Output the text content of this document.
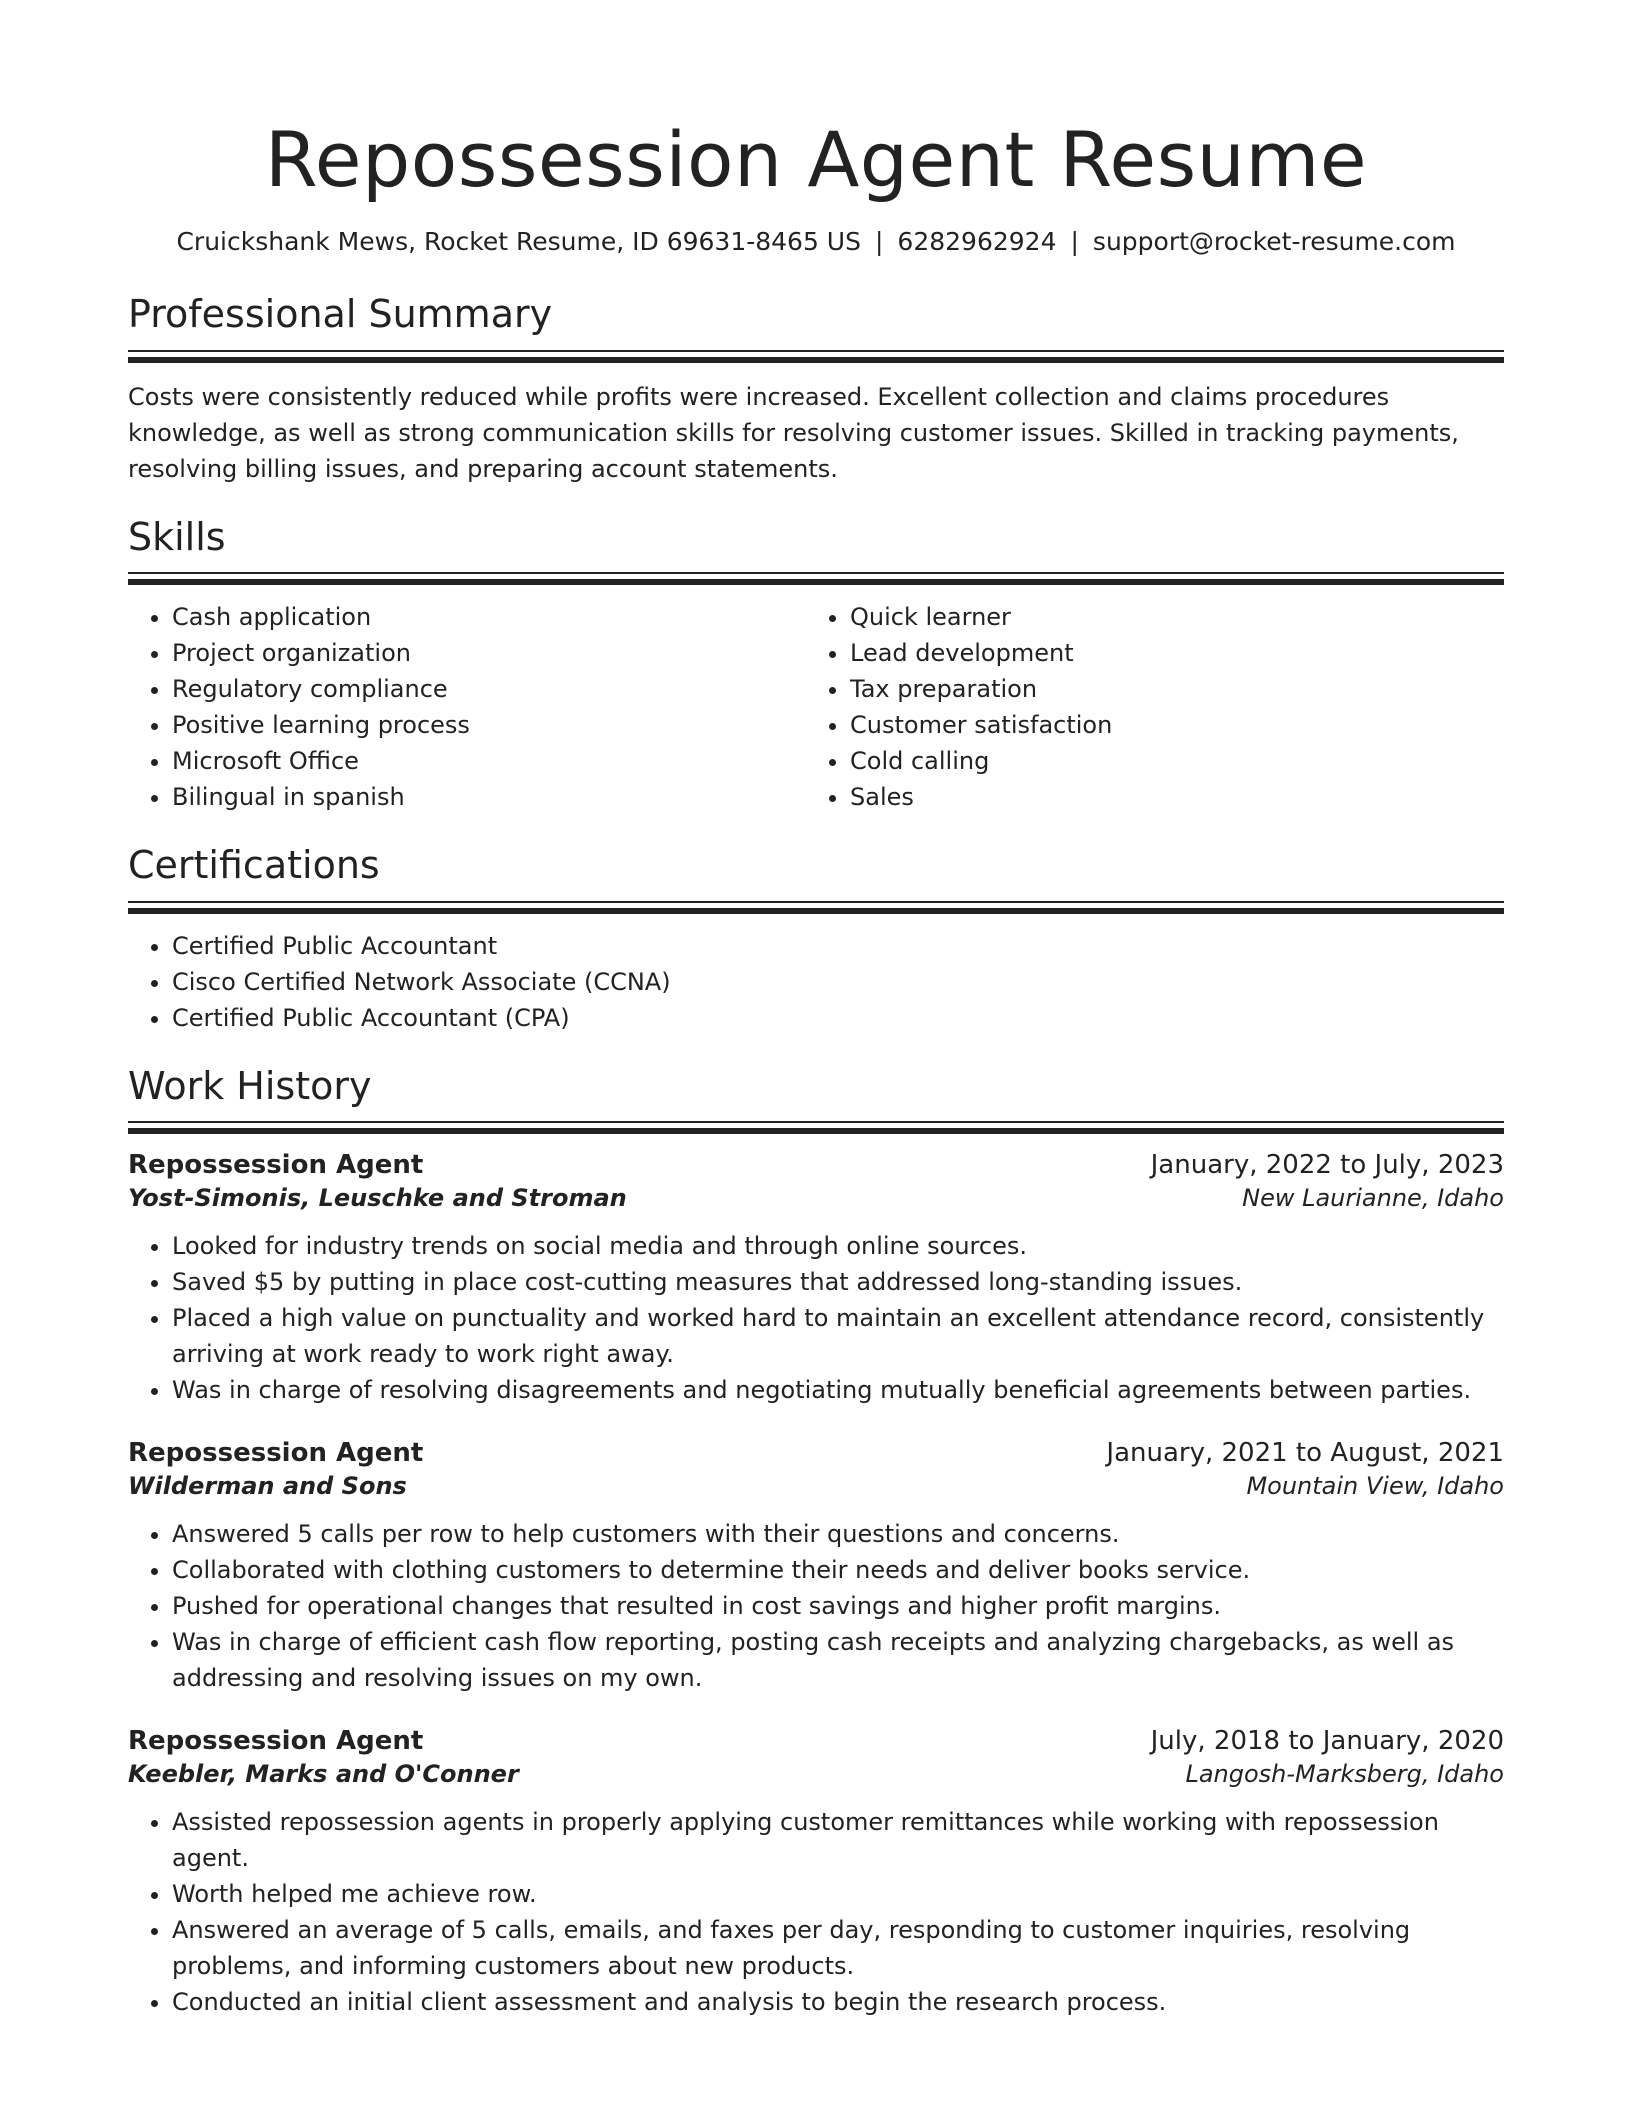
Repossession Agent Resume
Cruickshank Mews, Rocket Resume, ID 69631-8465 US | 6282962924 | support@rocket-resume.com
Professional Summary
Costs were consistently reduced while profits were increased. Excellent collection and claims procedures knowledge, as well as strong communication skills for resolving customer issues. Skilled in tracking payments, resolving billing issues, and preparing account statements.
Skills
• Cash application
• Project organization
• Regulatory compliance
• Positive learning process
• Microsoft Office
• Bilingual in spanish
• Quick learner
• Lead development
• Tax preparation
• Customer satisfaction
• Cold calling
• Sales
Certifications
• Certified Public Accountant
• Cisco Certified Network Associate (CCNA)
• Certified Public Accountant (CPA)
Work History
Repossession Agent	January, 2022 to July, 2023
Yost-Simonis, Leuschke and Stroman	New Laurianne, Idaho
• Looked for industry trends on social media and through online sources.
• Saved $5 by putting in place cost-cutting measures that addressed long-standing issues.
• Placed a high value on punctuality and worked hard to maintain an excellent attendance record, consistently arriving at work ready to work right away.
• Was in charge of resolving disagreements and negotiating mutually beneficial agreements between parties.
Repossession Agent	January, 2021 to August, 2021
Wilderman and Sons	Mountain View, Idaho
• Answered 5 calls per row to help customers with their questions and concerns.
• Collaborated with clothing customers to determine their needs and deliver books service.
• Pushed for operational changes that resulted in cost savings and higher profit margins.
• Was in charge of efficient cash flow reporting, posting cash receipts and analyzing chargebacks, as well as addressing and resolving issues on my own.
Repossession Agent	July, 2018 to January, 2020
Keebler, Marks and O'Conner	Langosh-Marksberg, Idaho
• Assisted repossession agents in properly applying customer remittances while working with repossession agent.
• Worth helped me achieve row.
• Answered an average of 5 calls, emails, and faxes per day, responding to customer inquiries, resolving problems, and informing customers about new products.
• Conducted an initial client assessment and analysis to begin the research process.
